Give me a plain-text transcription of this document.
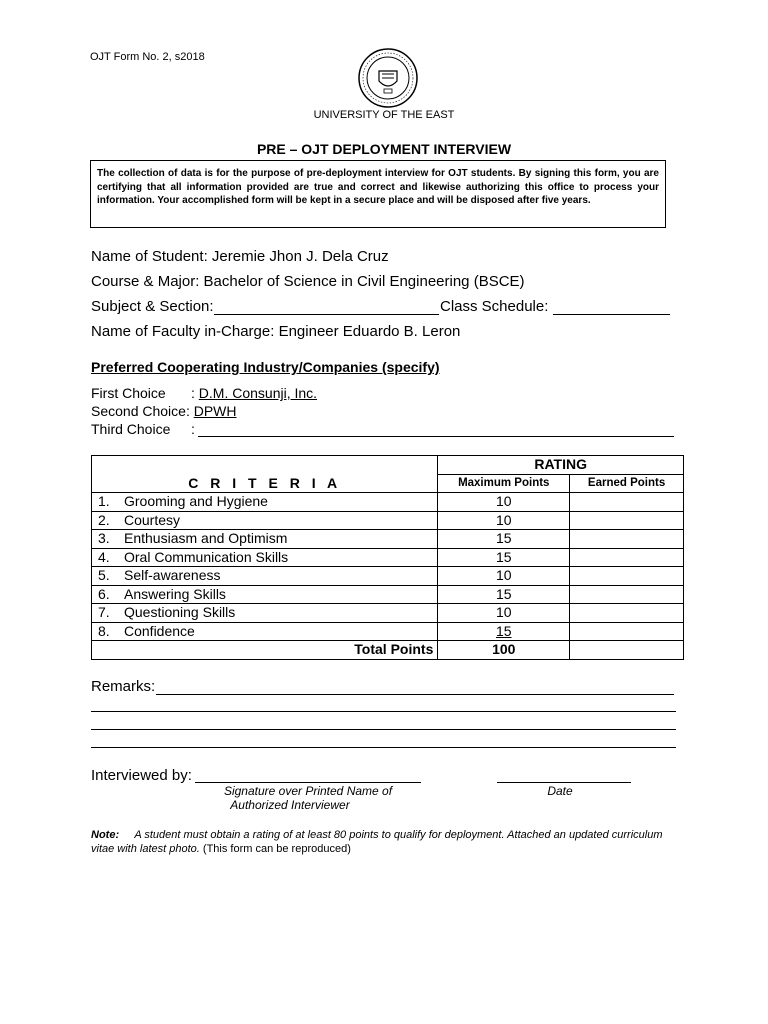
OJT Form No. 2, s2018
UNIVERSITY OF THE EAST
PRE – OJT DEPLOYMENT INTERVIEW
The collection of data is for the purpose of pre-deployment interview for OJT students. By signing this form, you are certifying that all information provided are true and correct and likewise authorizing this office to process your information. Your accomplished form will be kept in a secure place and will be disposed after five years.
Name of Student: Jeremie Jhon J. Dela Cruz
Course & Major: Bachelor of Science in Civil Engineering (BSCE)
Subject & Section:	Class Schedule:
Name of Faculty in-Charge: Engineer Eduardo B. Leron
Preferred Cooperating Industry/Companies (specify)
First Choice : D.M. Consunji, Inc.
Second Choice: DPWH
Third Choice :
C R I T E R I A	RATING	
	Maximum Points	Earned Points
1. Grooming and Hygiene	10	
2. Courtesy	10	
3. Enthusiasm and Optimism	15	
4. Oral Communication Skills	15	
5. Self-awareness	10	
6. Answering Skills	15	
7. Questioning Skills	10	
8. Confidence	15	
Total Points	100	
Remarks:
Interviewed by:
Signature over Printed Name of
Authorized Interviewer
Date
Note: A student must obtain a rating of at least 80 points to qualify for deployment. Attached an updated curriculum vitae with latest photo. (This form can be reproduced)
